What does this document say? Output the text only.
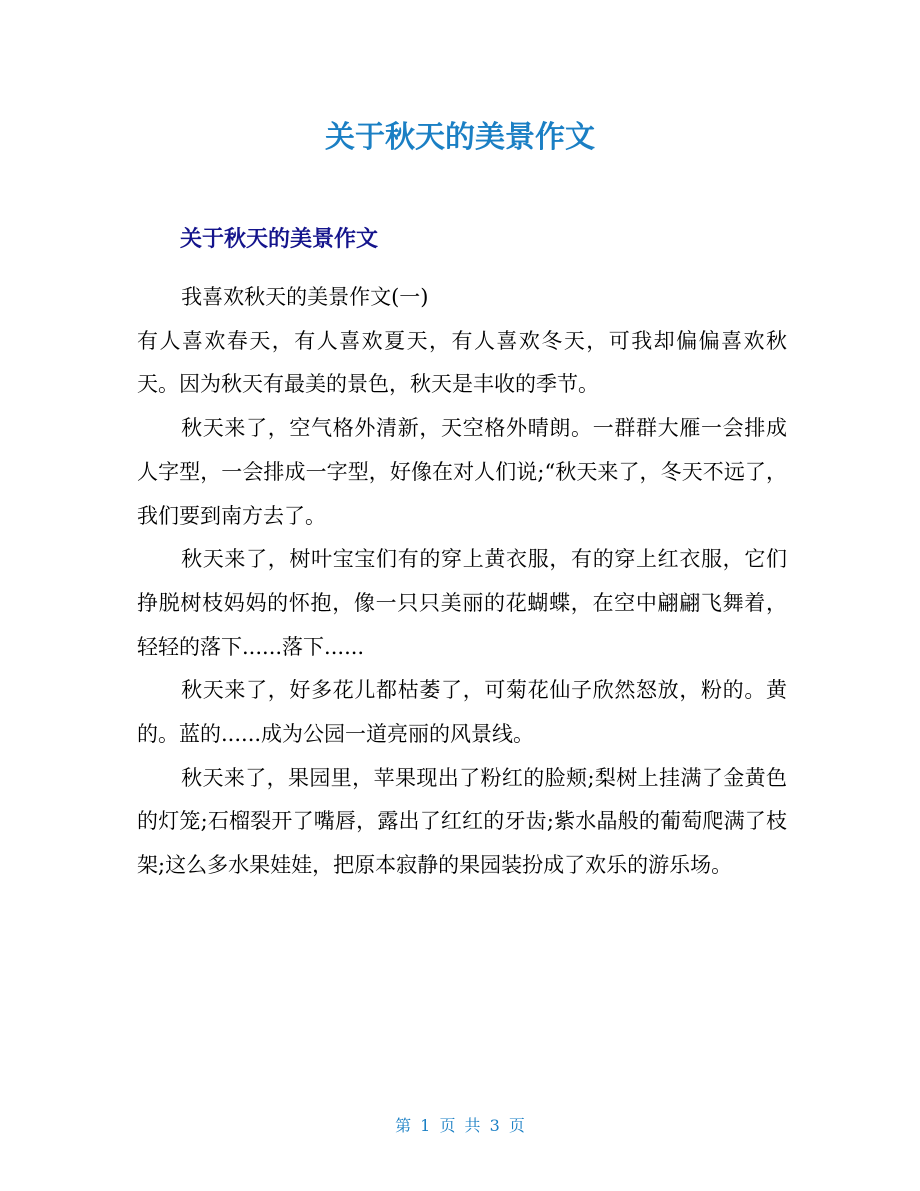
关于秋天的美景作文
关于秋天的美景作文

我喜欢秋天的美景作文(一)

有人喜欢春天，有人喜欢夏天，有人喜欢冬天，可我却偏偏喜欢秋天。因为秋天有最美的景色，秋天是丰收的季节。

秋天来了，空气格外清新，天空格外晴朗。一群群大雁一会排成人字型，一会排成一字型，好像在对人们说;“秋天来了，冬天不远了，我们要到南方去了。

秋天来了，树叶宝宝们有的穿上黄衣服，有的穿上红衣服，它们挣脱树枝妈妈的怀抱，像一只只美丽的花蝴蝶，在空中翩翩飞舞着，轻轻的落下......落下......

秋天来了，好多花儿都枯萎了，可菊花仙子欣然怒放，粉的。黄的。蓝的......成为公园一道亮丽的风景线。

秋天来了，果园里，苹果现出了粉红的脸颊;梨树上挂满了金黄色的灯笼;石榴裂开了嘴唇，露出了红红的牙齿;紫水晶般的葡萄爬满了枝架;这么多水果娃娃，把原本寂静的果园装扮成了欢乐的游乐场。

第 1 页 共 3 页
